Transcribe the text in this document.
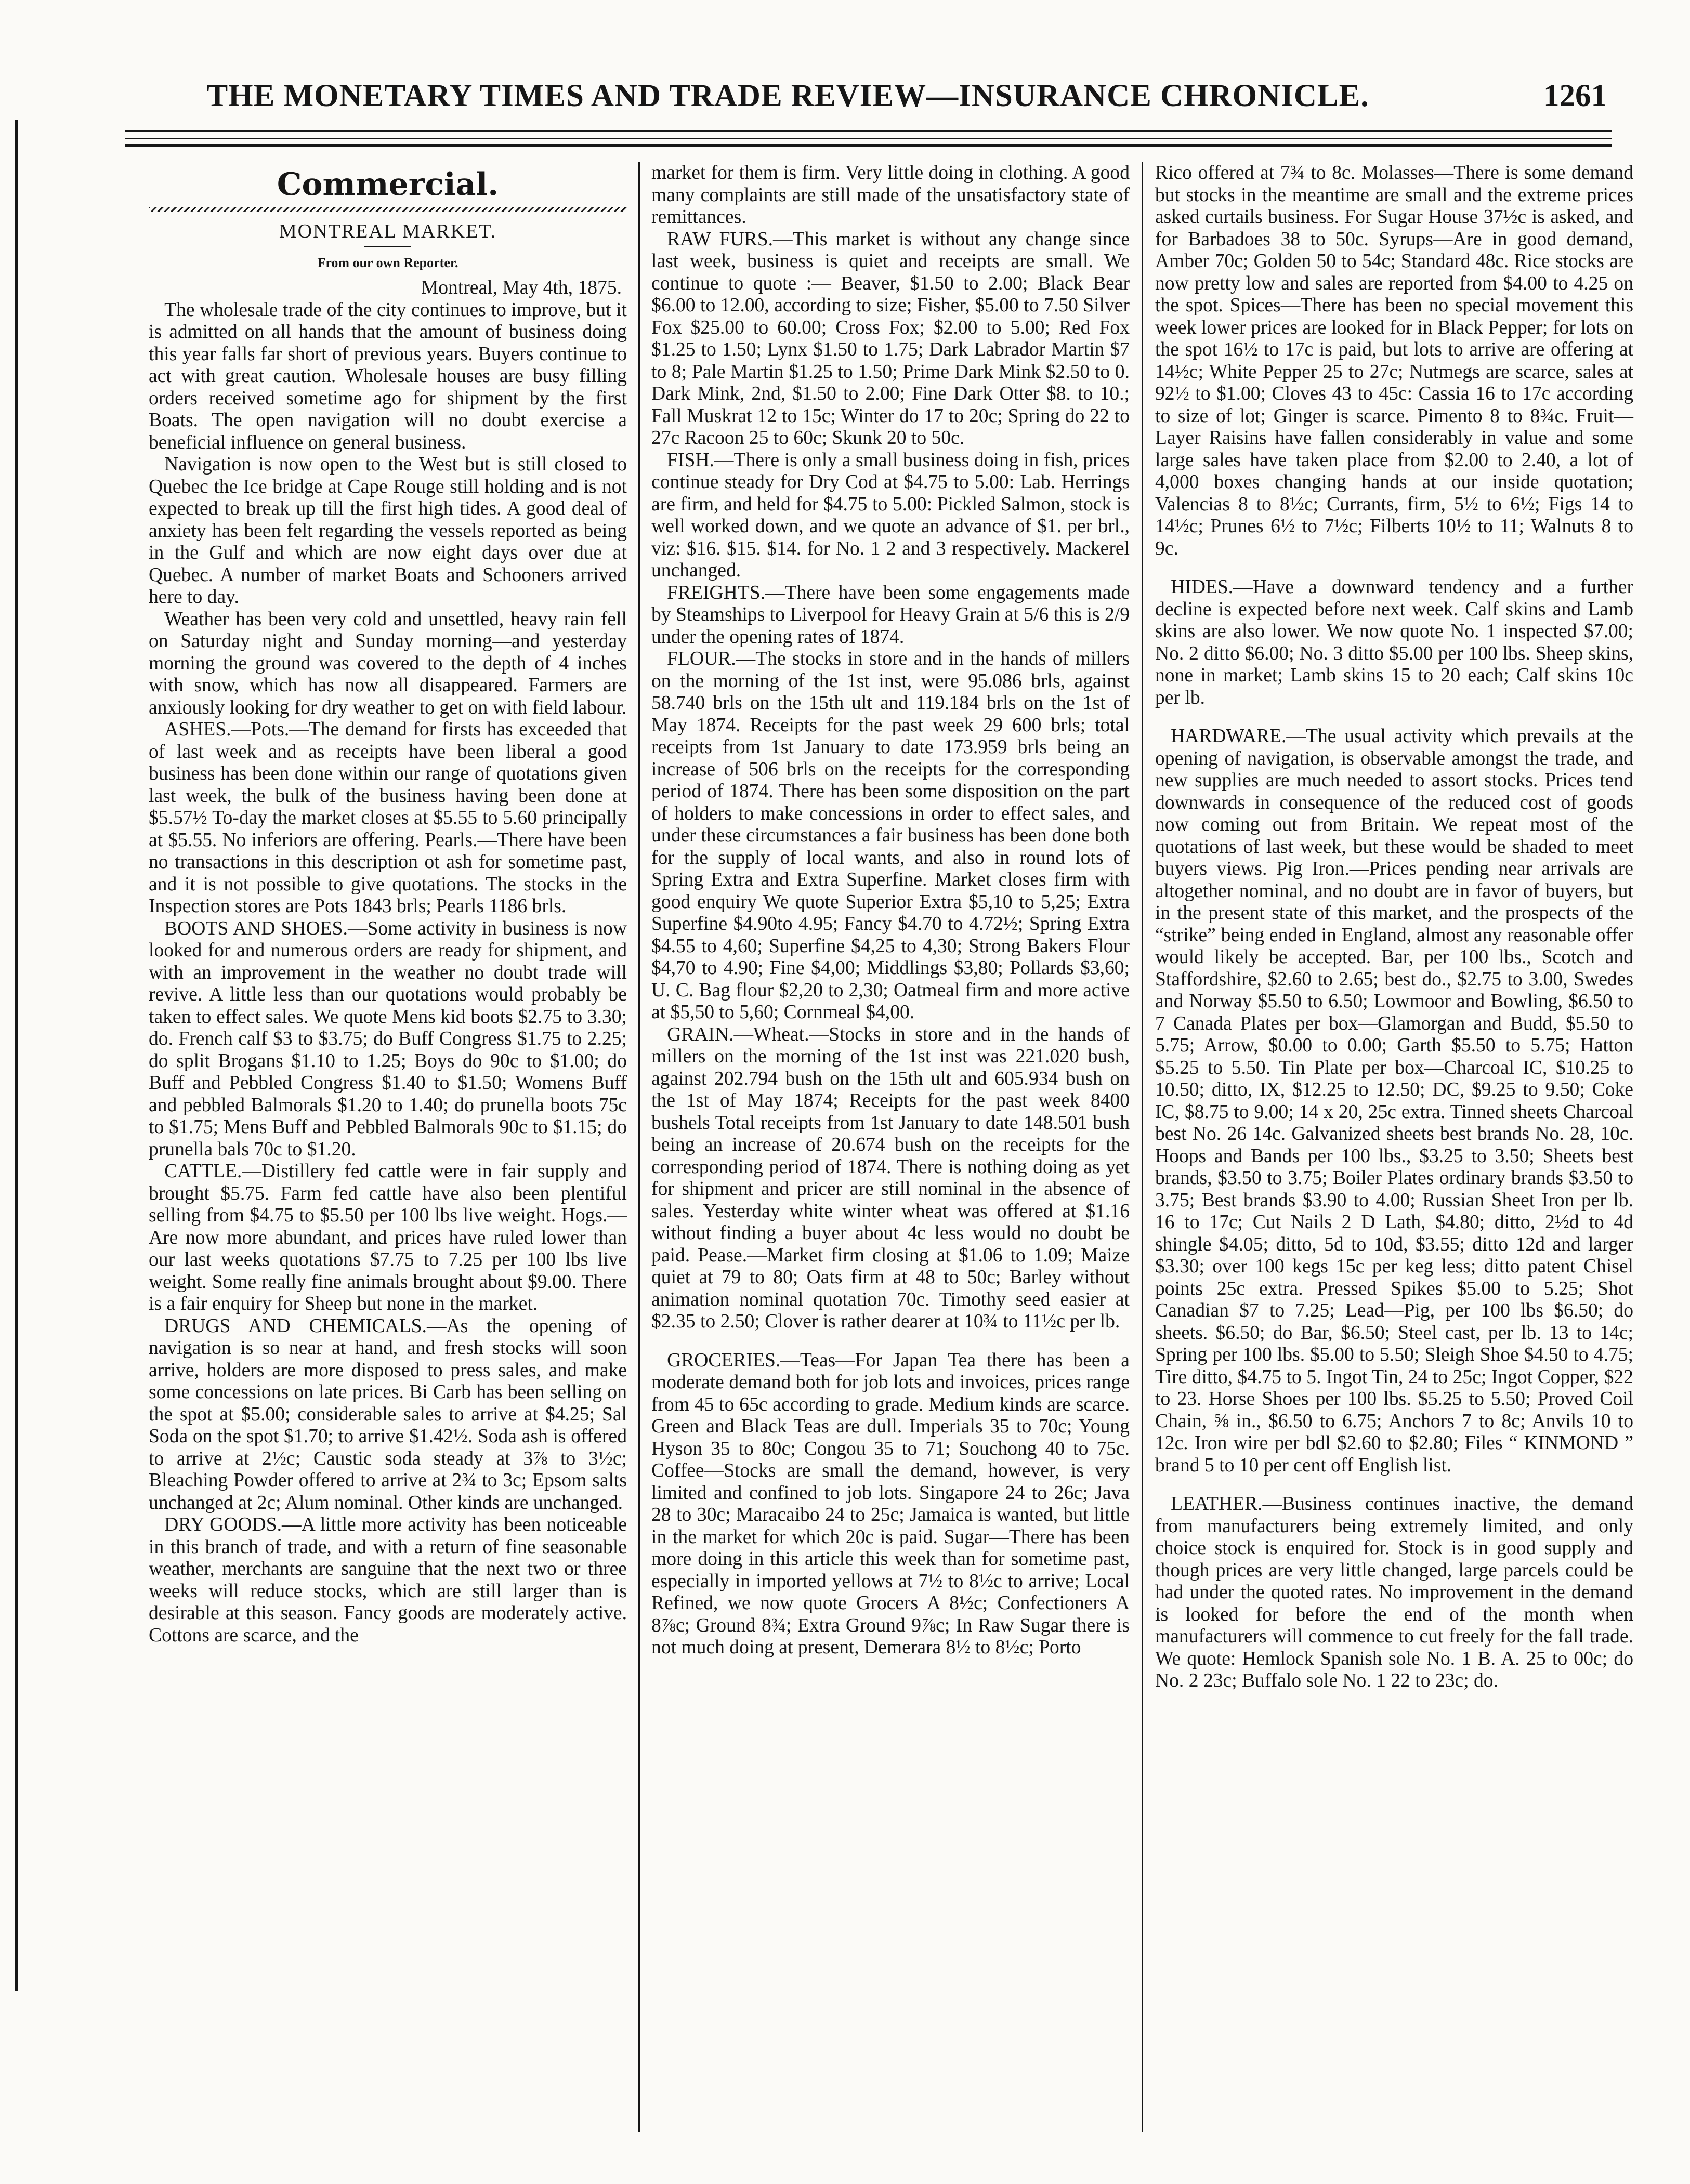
THE MONETARY TIMES AND TRADE REVIEW—INSURANCE CHRONICLE.	1261
Commercial.
MONTREAL MARKET.
From our own Reporter.
Montreal, May 4th, 1875.

The wholesale trade of the city continues to improve, but it is admitted on all hands that the amount of business doing this year falls far short of previous years. Buyers continue to act with great caution. Wholesale houses are busy filling orders received sometime ago for shipment by the first Boats. The open navigation will no doubt exercise a beneficial influence on general business.

Navigation is now open to the West but is still closed to Quebec the Ice bridge at Cape Rouge still holding and is not expected to break up till the first high tides. A good deal of anxiety has been felt regarding the vessels reported as being in the Gulf and which are now eight days over due at Quebec. A number of market Boats and Schooners arrived here to day.

Weather has been very cold and unsettled, heavy rain fell on Saturday night and Sunday morning—and yesterday morning the ground was covered to the depth of 4 inches with snow, which has now all disappeared. Farmers are anxiously looking for dry weather to get on with field labour.

ASHES.—Pots.—The demand for firsts has exceeded that of last week and as receipts have been liberal a good business has been done within our range of quotations given last week, the bulk of the business having been done at $5.57½ To-day the market closes at $5.55 to 5.60 principally at $5.55. No inferiors are offering. Pearls.—There have been no transactions in this description ot ash for sometime past, and it is not possible to give quotations. The stocks in the Inspection stores are Pots 1843 brls; Pearls 1186 brls.

BOOTS AND SHOES.—Some activity in business is now looked for and numerous orders are ready for shipment, and with an improvement in the weather no doubt trade will revive. A little less than our quotations would probably be taken to effect sales. We quote Mens kid boots $2.75 to 3.30; do. French calf $3 to $3.75; do Buff Congress $1.75 to 2.25; do split Brogans $1.10 to 1.25; Boys do 90c to $1.00; do Buff and Pebbled Congress $1.40 to $1.50; Womens Buff and pebbled Balmorals $1.20 to 1.40; do prunella boots 75c to $1.75; Mens Buff and Pebbled Balmorals 90c to $1.15; do prunella bals 70c to $1.20.

CATTLE.—Distillery fed cattle were in fair supply and brought $5.75. Farm fed cattle have also been plentiful selling from $4.75 to $5.50 per 100 lbs live weight. Hogs.—Are now more abundant, and prices have ruled lower than our last weeks quotations $7.75 to 7.25 per 100 lbs live weight. Some really fine animals brought about $9.00. There is a fair enquiry for Sheep but none in the market.

DRUGS AND CHEMICALS.—As the opening of navigation is so near at hand, and fresh stocks will soon arrive, holders are more disposed to press sales, and make some concessions on late prices. Bi Carb has been selling on the spot at $5.00; considerable sales to arrive at $4.25; Sal Soda on the spot $1.70; to arrive $1.42½. Soda ash is offered to arrive at 2½c; Caustic soda steady at 3⅞ to 3½c; Bleaching Powder offered to arrive at 2¾ to 3c; Epsom salts unchanged at 2c; Alum nominal. Other kinds are unchanged.

DRY GOODS.—A little more activity has been noticeable in this branch of trade, and with a return of fine seasonable weather, merchants are sanguine that the next two or three weeks will reduce stocks, which are still larger than is desirable at this season. Fancy goods are moderately active. Cottons are scarce, and the

market for them is firm. Very little doing in clothing. A good many complaints are still made of the unsatisfactory state of remittances.

RAW FURS.—This market is without any change since last week, business is quiet and receipts are small. We continue to quote :— Beaver, $1.50 to 2.00; Black Bear $6.00 to 12.00, according to size; Fisher, $5.00 to 7.50 Silver Fox $25.00 to 60.00; Cross Fox; $2.00 to 5.00; Red Fox $1.25 to 1.50; Lynx $1.50 to 1.75; Dark Labrador Martin $7 to 8; Pale Martin $1.25 to 1.50; Prime Dark Mink $2.50 to 0. Dark Mink, 2nd, $1.50 to 2.00; Fine Dark Otter $8. to 10.; Fall Muskrat 12 to 15c; Winter do 17 to 20c; Spring do 22 to 27c Racoon 25 to 60c; Skunk 20 to 50c.

FISH.—There is only a small business doing in fish, prices continue steady for Dry Cod at $4.75 to 5.00: Lab. Herrings are firm, and held for $4.75 to 5.00: Pickled Salmon, stock is well worked down, and we quote an advance of $1. per brl., viz: $16. $15. $14. for No. 1 2 and 3 respectively. Mackerel unchanged.

FREIGHTS.—There have been some engagements made by Steamships to Liverpool for Heavy Grain at 5/6 this is 2/9 under the opening rates of 1874.

FLOUR.—The stocks in store and in the hands of millers on the morning of the 1st inst, were 95.086 brls, against 58.740 brls on the 15th ult and 119.184 brls on the 1st of May 1874. Receipts for the past week 29 600 brls; total receipts from 1st January to date 173.959 brls being an increase of 506 brls on the receipts for the corresponding period of 1874. There has been some disposition on the part of holders to make concessions in order to effect sales, and under these circumstances a fair business has been done both for the supply of local wants, and also in round lots of Spring Extra and Extra Superfine. Market closes firm with good enquiry We quote Superior Extra $5,10 to 5,25; Extra Superfine $4.90to 4.95; Fancy $4.70 to 4.72½; Spring Extra $4.55 to 4,60; Superfine $4,25 to 4,30; Strong Bakers Flour $4,70 to 4.90; Fine $4,00; Middlings $3,80; Pollards $3,60; U. C. Bag flour $2,20 to 2,30; Oatmeal firm and more active at $5,50 to 5,60; Cornmeal $4,00.

GRAIN.—Wheat.—Stocks in store and in the hands of millers on the morning of the 1st inst was 221.020 bush, against 202.794 bush on the 15th ult and 605.934 bush on the 1st of May 1874; Receipts for the past week 8400 bushels Total receipts from 1st January to date 148.501 bush being an increase of 20.674 bush on the receipts for the corresponding period of 1874. There is nothing doing as yet for shipment and pricer are still nominal in the absence of sales. Yesterday white winter wheat was offered at $1.16 without finding a buyer about 4c less would no doubt be paid. Pease.—Market firm closing at $1.06 to 1.09; Maize quiet at 79 to 80; Oats firm at 48 to 50c; Barley without animation nominal quotation 70c. Timothy seed easier at $2.35 to 2.50; Clover is rather dearer at 10¾ to 11½c per lb.

GROCERIES.—Teas—For Japan Tea there has been a moderate demand both for job lots and invoices, prices range from 45 to 65c according to grade. Medium kinds are scarce. Green and Black Teas are dull. Imperials 35 to 70c; Young Hyson 35 to 80c; Congou 35 to 71; Souchong 40 to 75c. Coffee—Stocks are small the demand, however, is very limited and confined to job lots. Singapore 24 to 26c; Java 28 to 30c; Maracaibo 24 to 25c; Jamaica is wanted, but little in the market for which 20c is paid. Sugar—There has been more doing in this article this week than for sometime past, especially in imported yellows at 7½ to 8½c to arrive; Local Refined, we now quote Grocers A 8½c; Confectioners A 8⅞c; Ground 8¾; Extra Ground 9⅞c; In Raw Sugar there is not much doing at present, Demerara 8½ to 8½c; Porto

Rico offered at 7¾ to 8c. Molasses—There is some demand but stocks in the meantime are small and the extreme prices asked curtails business. For Sugar House 37½c is asked, and for Barbadoes 38 to 50c. Syrups—Are in good demand, Amber 70c; Golden 50 to 54c; Standard 48c. Rice stocks are now pretty low and sales are reported from $4.00 to 4.25 on the spot. Spices—There has been no special movement this week lower prices are looked for in Black Pepper; for lots on the spot 16½ to 17c is paid, but lots to arrive are offering at 14½c; White Pepper 25 to 27c; Nutmegs are scarce, sales at 92½ to $1.00; Cloves 43 to 45c: Cassia 16 to 17c according to size of lot; Ginger is scarce. Pimento 8 to 8¾c. Fruit—Layer Raisins have fallen considerably in value and some large sales have taken place from $2.00 to 2.40, a lot of 4,000 boxes changing hands at our inside quotation; Valencias 8 to 8½c; Currants, firm, 5½ to 6½; Figs 14 to 14½c; Prunes 6½ to 7½c; Filberts 10½ to 11; Walnuts 8 to 9c.

HIDES.—Have a downward tendency and a further decline is expected before next week. Calf skins and Lamb skins are also lower. We now quote No. 1 inspected $7.00; No. 2 ditto $6.00; No. 3 ditto $5.00 per 100 lbs. Sheep skins, none in market; Lamb skins 15 to 20 each; Calf skins 10c per lb.

HARDWARE.—The usual activity which prevails at the opening of navigation, is observable amongst the trade, and new supplies are much needed to assort stocks. Prices tend downwards in consequence of the reduced cost of goods now coming out from Britain. We repeat most of the quotations of last week, but these would be shaded to meet buyers views. Pig Iron.—Prices pending near arrivals are altogether nominal, and no doubt are in favor of buyers, but in the present state of this market, and the prospects of the “strike” being ended in England, almost any reasonable offer would likely be accepted. Bar, per 100 lbs., Scotch and Staffordshire, $2.60 to 2.65; best do., $2.75 to 3.00, Swedes and Norway $5.50 to 6.50; Lowmoor and Bowling, $6.50 to 7 Canada Plates per box—Glamorgan and Budd, $5.50 to 5.75; Arrow, $0.00 to 0.00; Garth $5.50 to 5.75; Hatton $5.25 to 5.50. Tin Plate per box—Charcoal IC, $10.25 to 10.50; ditto, IX, $12.25 to 12.50; DC, $9.25 to 9.50; Coke IC, $8.75 to 9.00; 14 x 20, 25c extra. Tinned sheets Charcoal best No. 26 14c. Galvanized sheets best brands No. 28, 10c. Hoops and Bands per 100 lbs., $3.25 to 3.50; Sheets best brands, $3.50 to 3.75; Boiler Plates ordinary brands $3.50 to 3.75; Best brands $3.90 to 4.00; Russian Sheet Iron per lb. 16 to 17c; Cut Nails 2 D Lath, $4.80; ditto, 2½d to 4d shingle $4.05; ditto, 5d to 10d, $3.55; ditto 12d and larger $3.30; over 100 kegs 15c per keg less; ditto patent Chisel points 25c extra. Pressed Spikes $5.00 to 5.25; Shot Canadian $7 to 7.25; Lead—Pig, per 100 lbs $6.50; do sheets. $6.50; do Bar, $6.50; Steel cast, per lb. 13 to 14c; Spring per 100 lbs. $5.00 to 5.50; Sleigh Shoe $4.50 to 4.75; Tire ditto, $4.75 to 5. Ingot Tin, 24 to 25c; Ingot Copper, $22 to 23. Horse Shoes per 100 lbs. $5.25 to 5.50; Proved Coil Chain, ⅝ in., $6.50 to 6.75; Anchors 7 to 8c; Anvils 10 to 12c. Iron wire per bdl $2.60 to $2.80; Files “ KINMOND ” brand 5 to 10 per cent off English list.

LEATHER.—Business continues inactive, the demand from manufacturers being extremely limited, and only choice stock is enquired for. Stock is in good supply and though prices are very little changed, large parcels could be had under the quoted rates. No improvement in the demand is looked for before the end of the month when manufacturers will commence to cut freely for the fall trade. We quote: Hemlock Spanish sole No. 1 B. A. 25 to 00c; do No. 2 23c; Buffalo sole No. 1 22 to 23c; do.
